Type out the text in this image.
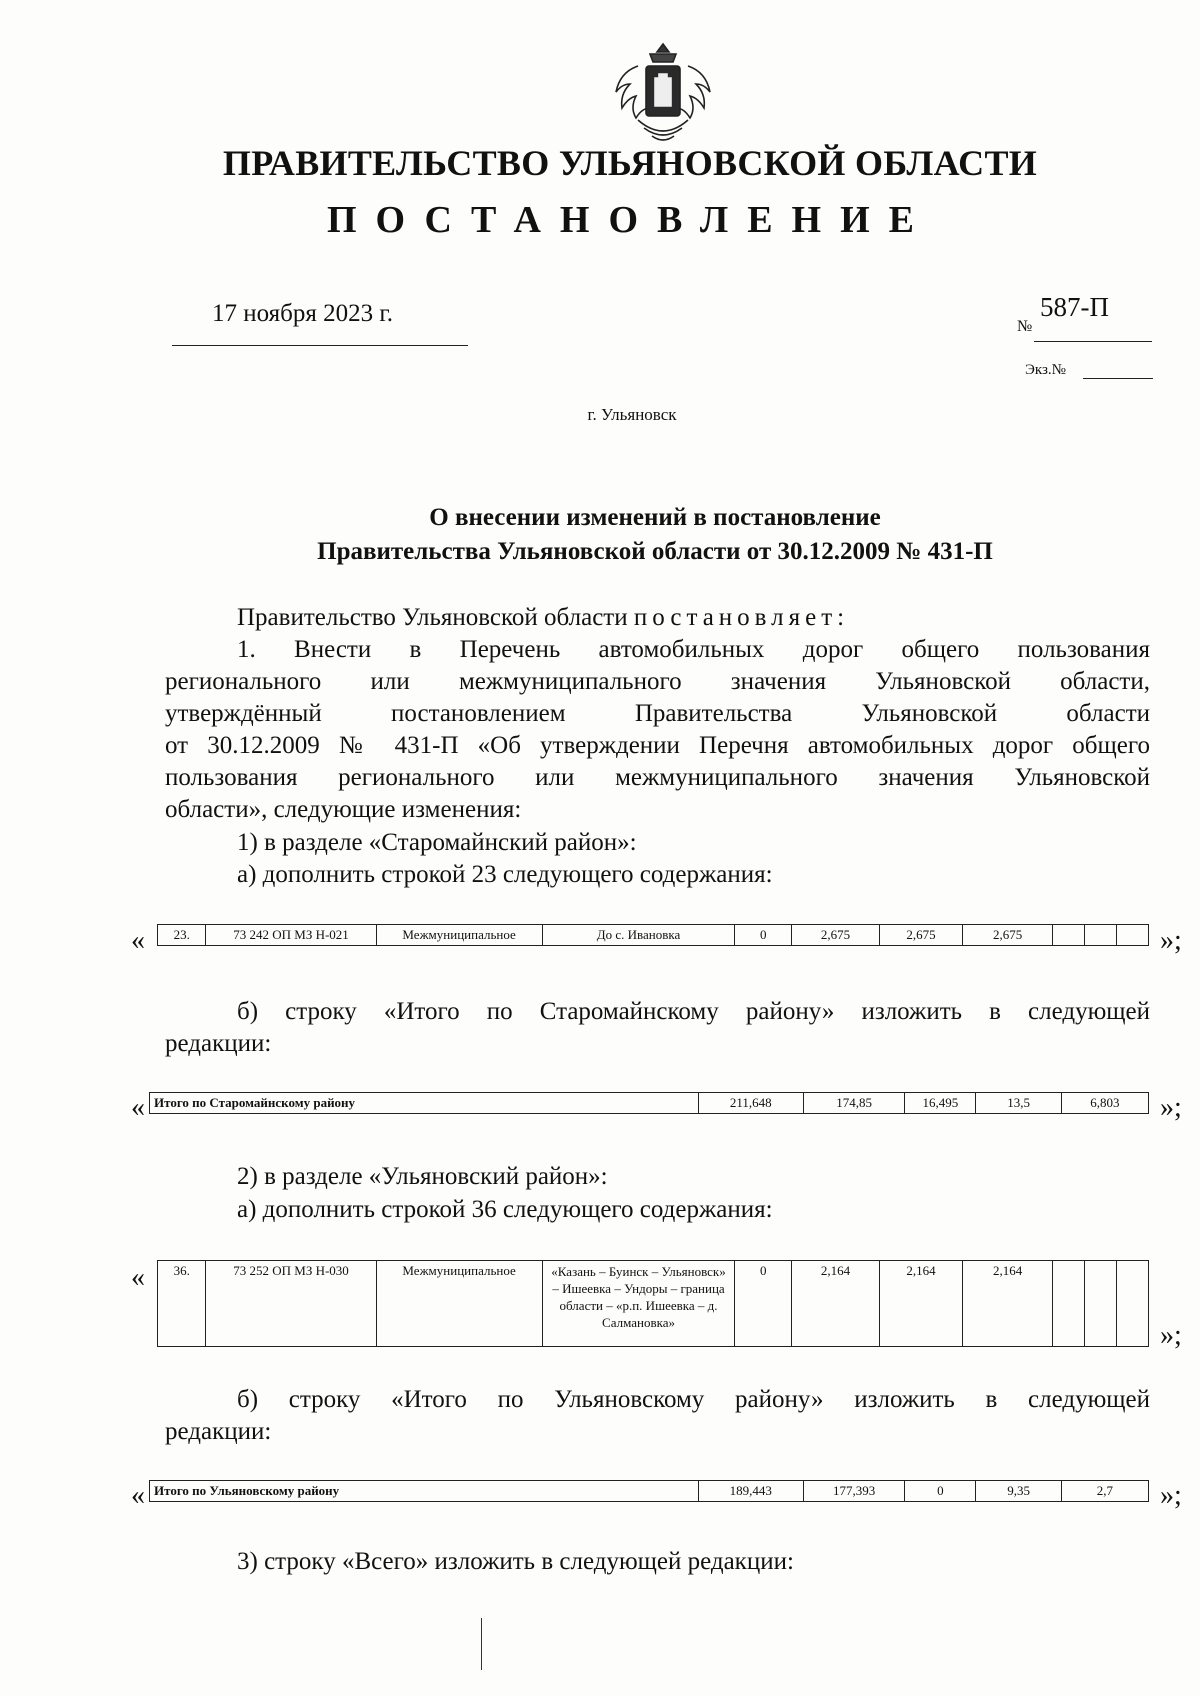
ПРАВИТЕЛЬСТВО УЛЬЯНОВСКОЙ ОБЛАСТИ
ПОСТАНОВЛЕНИЕ
17 ноября 2023 г.	№
587-П
Экз.№
г. Ульяновск
О внесении изменений в постановление
Правительства Ульяновской области от 30.12.2009 № 431-П
Правительство Ульяновской области постановляет:
1. Внести в Перечень автомобильных дорог общего пользования
регионального или межмуниципального значения Ульяновской области,
утверждённый постановлением Правительства Ульяновской области
от 30.12.2009 № 431-П «Об утверждении Перечня автомобильных дорог общего
пользования регионального или межмуниципального значения Ульяновской
области», следующие изменения:
1) в разделе «Старомайнский район»:
а) дополнить строкой 23 следующего содержания:
« 23.	73 242 ОП МЗ Н-021	Межмуниципальное	До с. Ивановка	0	2,675	2,675	2,675				»;
б) строку «Итого по Старомайнскому району» изложить в следующей
редакции:
« Итого по Старомайнскому району	211,648	174,85	16,495	13,5	6,803 »;
2) в разделе «Ульяновский район»:
а) дополнить строкой 36 следующего содержания:
« 36.	73 252 ОП МЗ Н-030	Межмуниципальное	«Казань – Буинск – Ульяновск» – Ишеевка – Ундоры – граница области – «р.п. Ишеевка – д. Салмановка»	0	2,164	2,164	2,164			
»;
б) строку «Итого по Ульяновскому району» изложить в следующей
редакции:
« Итого по Ульяновскому району	189,443	177,393	0	9,35	2,7 »;
3) строку «Всего» изложить в следующей редакции:
